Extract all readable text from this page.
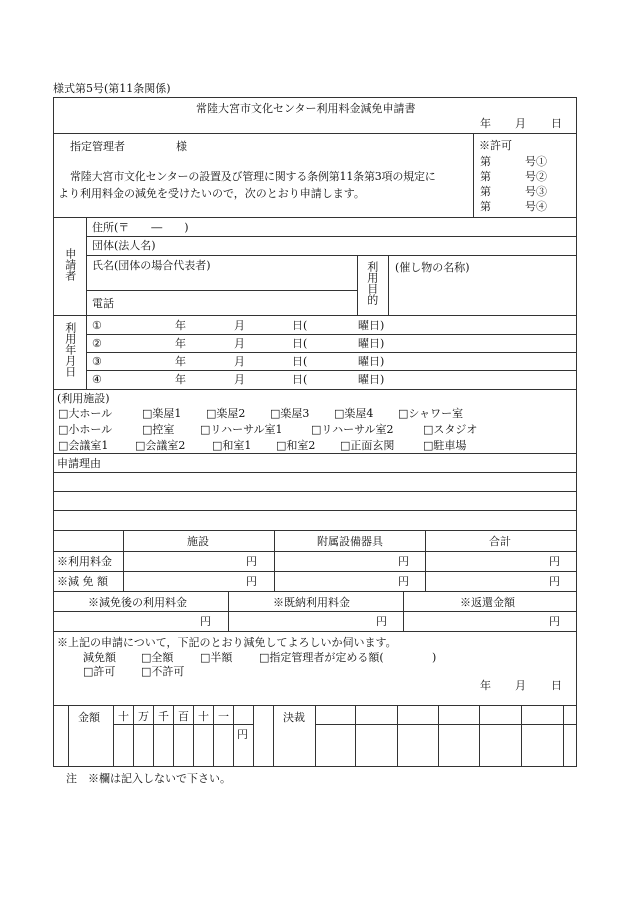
様式第5号(第11条関係)
常陸大宮市文化センター利用料金減免申請書
年 月 日
指定管理者	様
常陸大宮市文化センターの設置及び管理に関する条例第11条第3項の規定に
より利用料金の減免を受けたいので，次のとおり申請します。
※許可
第	号①
第	号②
第	号③
第	号④
申請者
住所(〒　　―　　)
団体(法人名)
氏名(団体の場合代表者)
電話	利用目的 (催し物の名称)
利用年月日 ①	年	月	日(	曜日)
②	年	月	日(	曜日)
③	年	月	日(	曜日)
④	年	月	日(	曜日)
(利用施設)
□大ホール	□楽屋1 □楽屋2 □楽屋3 □楽屋4 □シャワー室
□小ホール	□控室 □リハーサル室1	□リハーサル室2	□スタジオ
□会議室1 □会議室2 □和室1 □和室2 □正面玄関	□駐車場
申請理由
施設	附属設備器具	合計
※利用料金	円	円	円
※減 免 額	円	円	円
※減免後の利用料金	※既納利用料金	※返還金額
円	円	円
※上記の申請について，下記のとおり減免してよろしいか伺います。
減免額 □全額 □半額 □指定管理者が定める額(	)
□許可 □不許可
年 月 日
金額 十 万 千 百 十 一
円
決裁
注　※欄は記入しないで下さい。
